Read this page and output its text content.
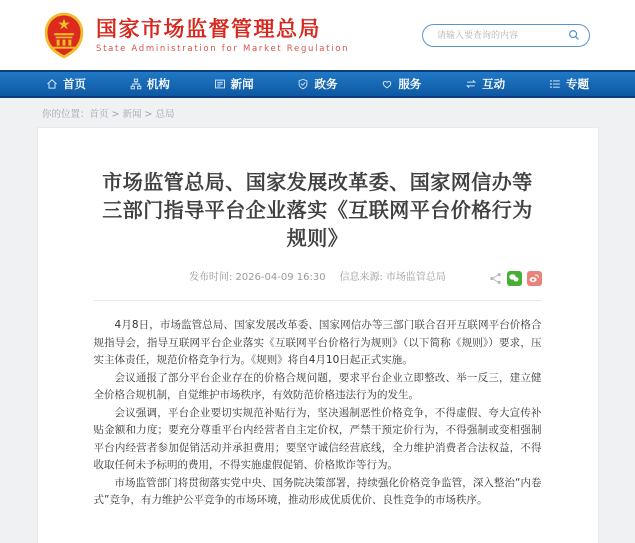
国家市场监督管理总局
State Administration for Market Regulation
请输入要查询的内容
首页	机构	新闻	政务	服务	互动	专题
你的位置：首页 > 新闻 > 总局
市场监管总局、国家发展改革委、国家网信办等三部门指导平台企业落实《互联网平台价格行为规则》
发布时间: 2026-04-09 16:30 信息来源: 市场监管总局

4月8日，市场监管总局、国家发展改革委、国家网信办等三部门联合召开互联网平台价格合规指导会，指导互联网平台企业落实《互联网平台价格行为规则》（以下简称《规则》）要求，压实主体责任，规范价格竞争行为。《规则》将自4月10日起正式实施。

会议通报了部分平台企业存在的价格合规问题，要求平台企业立即整改、举一反三，建立健全价格合规机制，自觉维护市场秩序，有效防范价格违法行为的发生。

会议强调，平台企业要切实规范补贴行为，坚决遏制恶性价格竞争，不得虚假、夸大宣传补贴金额和力度；要充分尊重平台内经营者自主定价权，严禁干预定价行为，不得强制或变相强制平台内经营者参加促销活动并承担费用；要坚守诚信经营底线，全力维护消费者合法权益，不得收取任何未予标明的费用，不得实施虚假促销、价格欺诈等行为。

市场监管部门将贯彻落实党中央、国务院决策部署，持续强化价格竞争监管，深入整治“内卷式”竞争，有力维护公平竞争的市场环境，推动形成优质优价、良性竞争的市场秩序。
